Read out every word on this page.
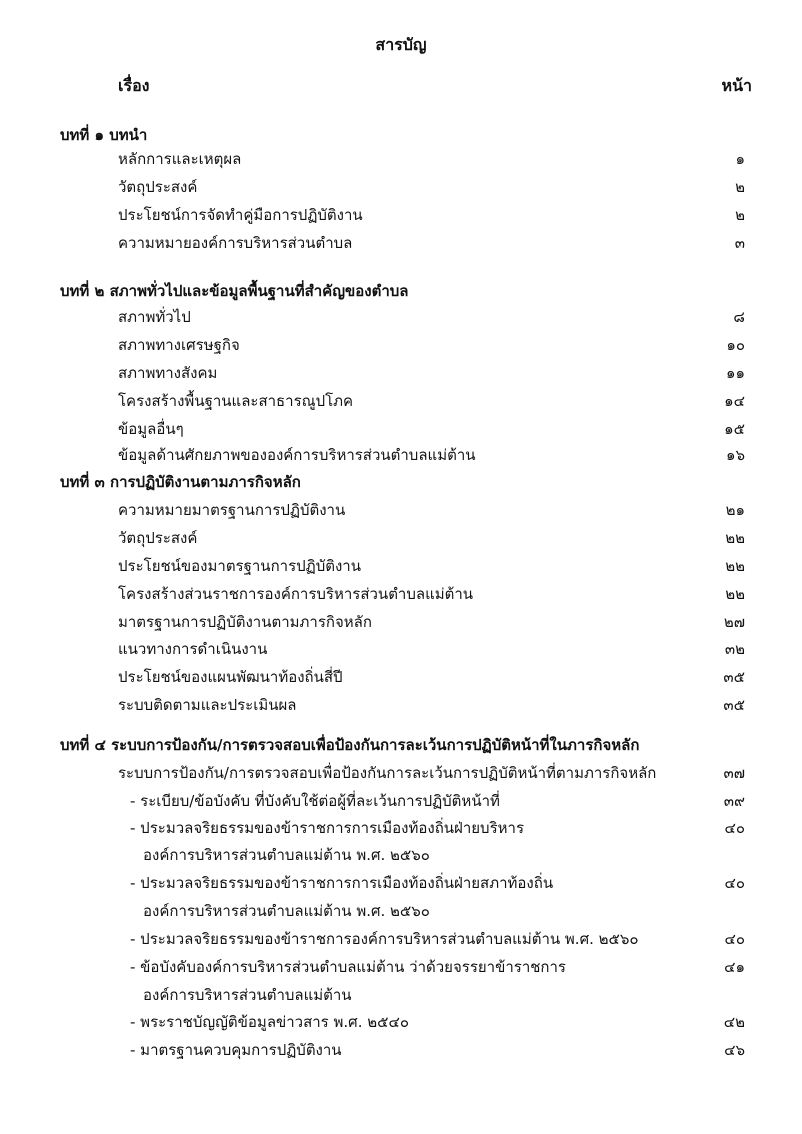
สารบัญ
เรื่อง	หน้า
บทที่ ๑ บทนำ
หลักการและเหตุผล	๑
วัตถุประสงค์	๒
ประโยชน์การจัดทำคู่มือการปฏิบัติงาน	๒
ความหมายองค์การบริหารส่วนตำบล	๓
บทที่ ๒ สภาพทั่วไปและข้อมูลพื้นฐานที่สำคัญของตำบล
สภาพทั่วไป	๘
สภาพทางเศรษฐกิจ	๑๐
สภาพทางสังคม	๑๑
โครงสร้างพื้นฐานและสาธารณูปโภค	๑๔
ข้อมูลอื่นๆ	๑๕
ข้อมูลด้านศักยภาพขององค์การบริหารส่วนตำบลแม่ต้าน	๑๖
บทที่ ๓ การปฏิบัติงานตามภารกิจหลัก
ความหมายมาตรฐานการปฏิบัติงาน	๒๑
วัตถุประสงค์	๒๒
ประโยชน์ของมาตรฐานการปฏิบัติงาน	๒๒
โครงสร้างส่วนราชการองค์การบริหารส่วนตำบลแม่ต้าน	๒๒
มาตรฐานการปฏิบัติงานตามภารกิจหลัก	๒๗
แนวทางการดำเนินงาน	๓๒
ประโยชน์ของแผนพัฒนาท้องถิ่นสี่ปี	๓๕
ระบบติดตามและประเมินผล	๓๕
บทที่ ๔ ระบบการป้องกัน/การตรวจสอบเพื่อป้องกันการละเว้นการปฏิบัติหน้าที่ในภารกิจหลัก
ระบบการป้องกัน/การตรวจสอบเพื่อป้องกันการละเว้นการปฏิบัติหน้าที่ตามภารกิจหลัก	๓๗
- ระเบียบ/ข้อบังคับ ที่บังคับใช้ต่อผู้ที่ละเว้นการปฏิบัติหน้าที่	๓๙
- ประมวลจริยธรรมของข้าราชการการเมืองท้องถิ่นฝ่ายบริหาร	๔๐
องค์การบริหารส่วนตำบลแม่ต้าน พ.ศ. ๒๕๖๐
- ประมวลจริยธรรมของข้าราชการการเมืองท้องถิ่นฝ่ายสภาท้องถิ่น	๔๐
องค์การบริหารส่วนตำบลแม่ต้าน พ.ศ. ๒๕๖๐
- ประมวลจริยธรรมของข้าราชการองค์การบริหารส่วนตำบลแม่ต้าน พ.ศ. ๒๕๖๐	๔๐
- ข้อบังคับองค์การบริหารส่วนตำบลแม่ต้าน ว่าด้วยจรรยาข้าราชการ	๔๑
องค์การบริหารส่วนตำบลแม่ต้าน
- พระราชบัญญัติข้อมูลข่าวสาร พ.ศ. ๒๕๔๐	๔๒
- มาตรฐานควบคุมการปฏิบัติงาน	๔๖
